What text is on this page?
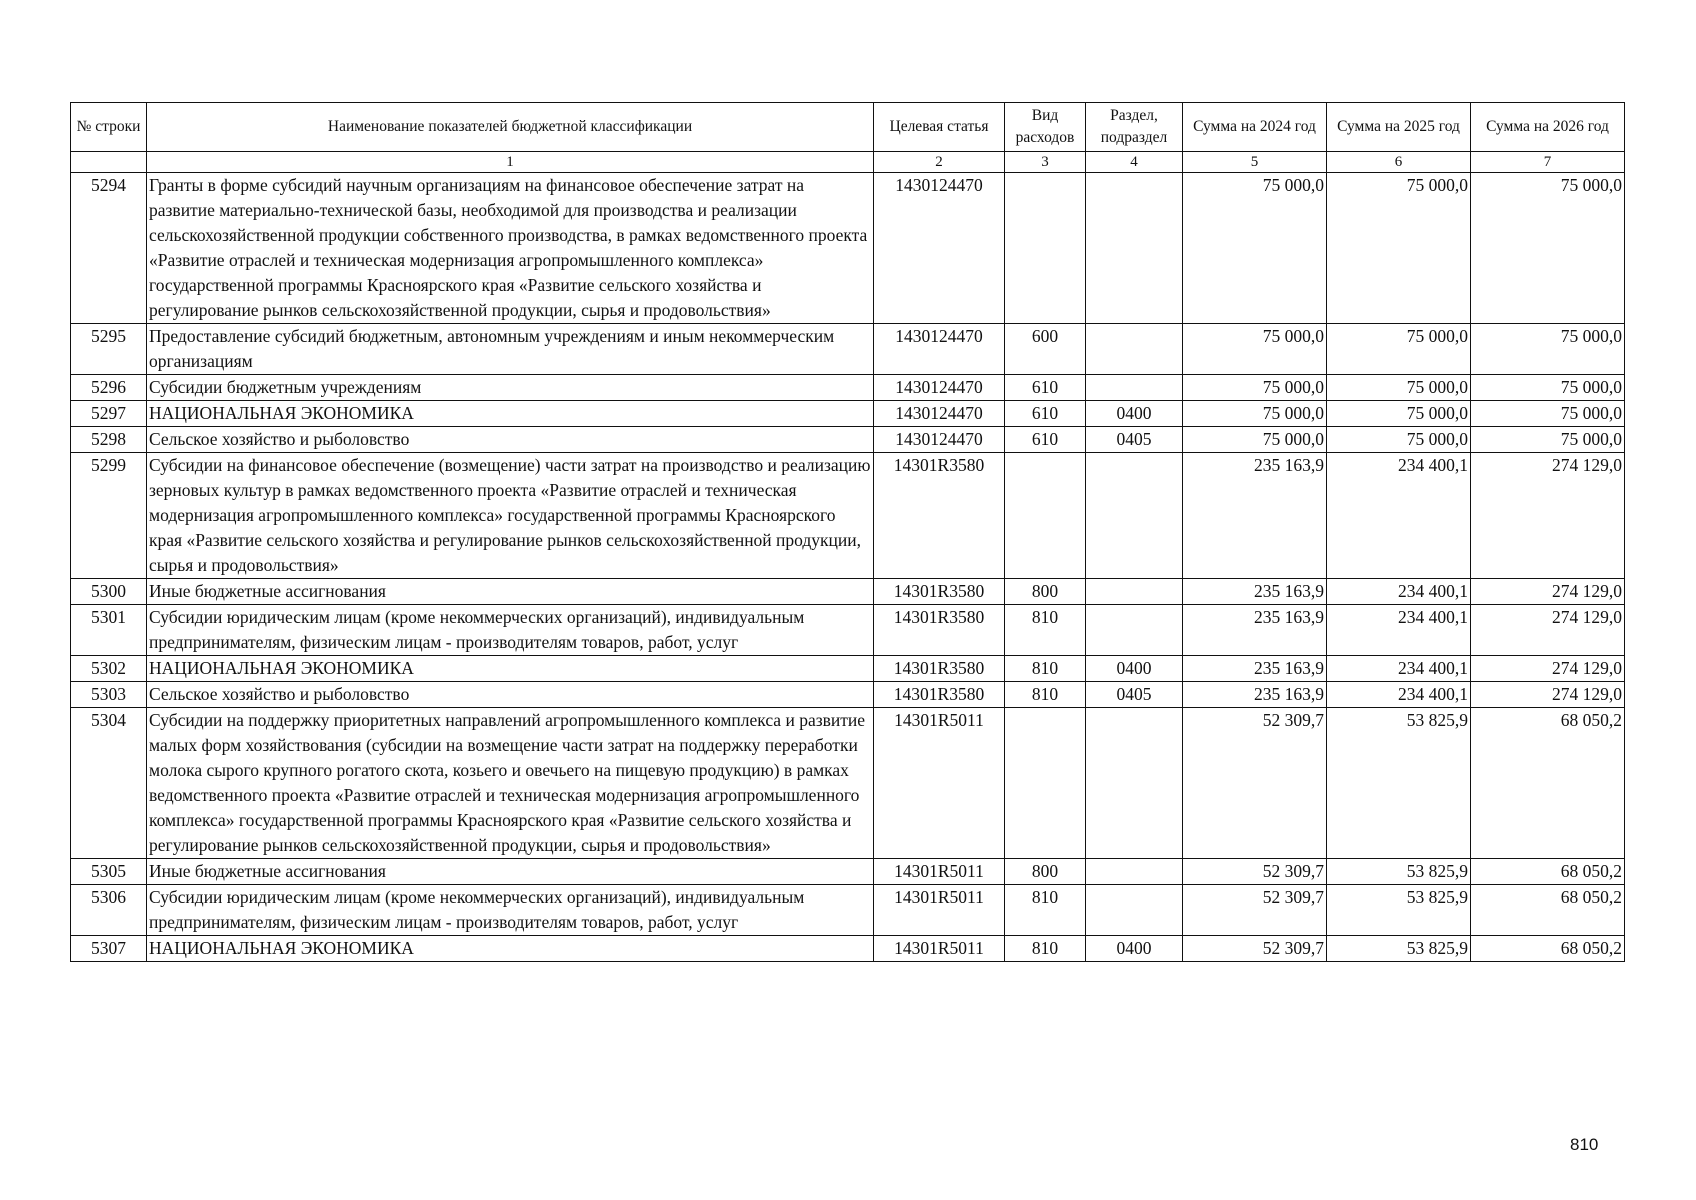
№ строки	Наименование показателей бюджетной классификации	Целевая статья	Вид расходов	Раздел, подраздел	Сумма на 2024 год	Сумма на 2025 год	Сумма на 2026 год
	1	2	3	4	5	6	7
5294	Гранты в форме субсидий научным организациям на финансовое обеспечение затрат на развитие материально-технической базы, необходимой для производства и реализации сельскохозяйственной продукции собственного производства, в рамках ведомственного проекта «Развитие отраслей и техническая модернизация агропромышленного комплекса» государственной программы Красноярского края «Развитие сельского хозяйства и регулирование рынков сельскохозяйственной продукции, сырья и продовольствия»	1430124470			75 000,0	75 000,0	75 000,0
5295	Предоставление субсидий бюджетным, автономным учреждениям и иным некоммерческим организациям	1430124470	600		75 000,0	75 000,0	75 000,0
5296	Субсидии бюджетным учреждениям	1430124470	610		75 000,0	75 000,0	75 000,0
5297	НАЦИОНАЛЬНАЯ ЭКОНОМИКА	1430124470	610	0400	75 000,0	75 000,0	75 000,0
5298	Сельское хозяйство и рыболовство	1430124470	610	0405	75 000,0	75 000,0	75 000,0
5299	Субсидии на финансовое обеспечение (возмещение) части затрат на производство и реализацию зерновых культур в рамках ведомственного проекта «Развитие отраслей и техническая модернизация агропромышленного комплекса» государственной программы Красноярского края «Развитие сельского хозяйства и регулирование рынков сельскохозяйственной продукции, сырья и продовольствия»	14301R3580			235 163,9	234 400,1	274 129,0
5300	Иные бюджетные ассигнования	14301R3580	800		235 163,9	234 400,1	274 129,0
5301	Субсидии юридическим лицам (кроме некоммерческих организаций), индивидуальным предпринимателям, физическим лицам - производителям товаров, работ, услуг	14301R3580	810		235 163,9	234 400,1	274 129,0
5302	НАЦИОНАЛЬНАЯ ЭКОНОМИКА	14301R3580	810	0400	235 163,9	234 400,1	274 129,0
5303	Сельское хозяйство и рыболовство	14301R3580	810	0405	235 163,9	234 400,1	274 129,0
5304	Субсидии на поддержку приоритетных направлений агропромышленного комплекса и развитие малых форм хозяйствования (субсидии на возмещение части затрат на поддержку переработки молока сырого крупного рогатого скота, козьего и овечьего на пищевую продукцию) в рамках ведомственного проекта «Развитие отраслей и техническая модернизация агропромышленного комплекса» государственной программы Красноярского края «Развитие сельского хозяйства и регулирование рынков сельскохозяйственной продукции, сырья и продовольствия»	14301R5011			52 309,7	53 825,9	68 050,2
5305	Иные бюджетные ассигнования	14301R5011	800		52 309,7	53 825,9	68 050,2
5306	Субсидии юридическим лицам (кроме некоммерческих организаций), индивидуальным предпринимателям, физическим лицам - производителям товаров, работ, услуг	14301R5011	810		52 309,7	53 825,9	68 050,2
5307	НАЦИОНАЛЬНАЯ ЭКОНОМИКА	14301R5011	810	0400	52 309,7	53 825,9	68 050,2
810
